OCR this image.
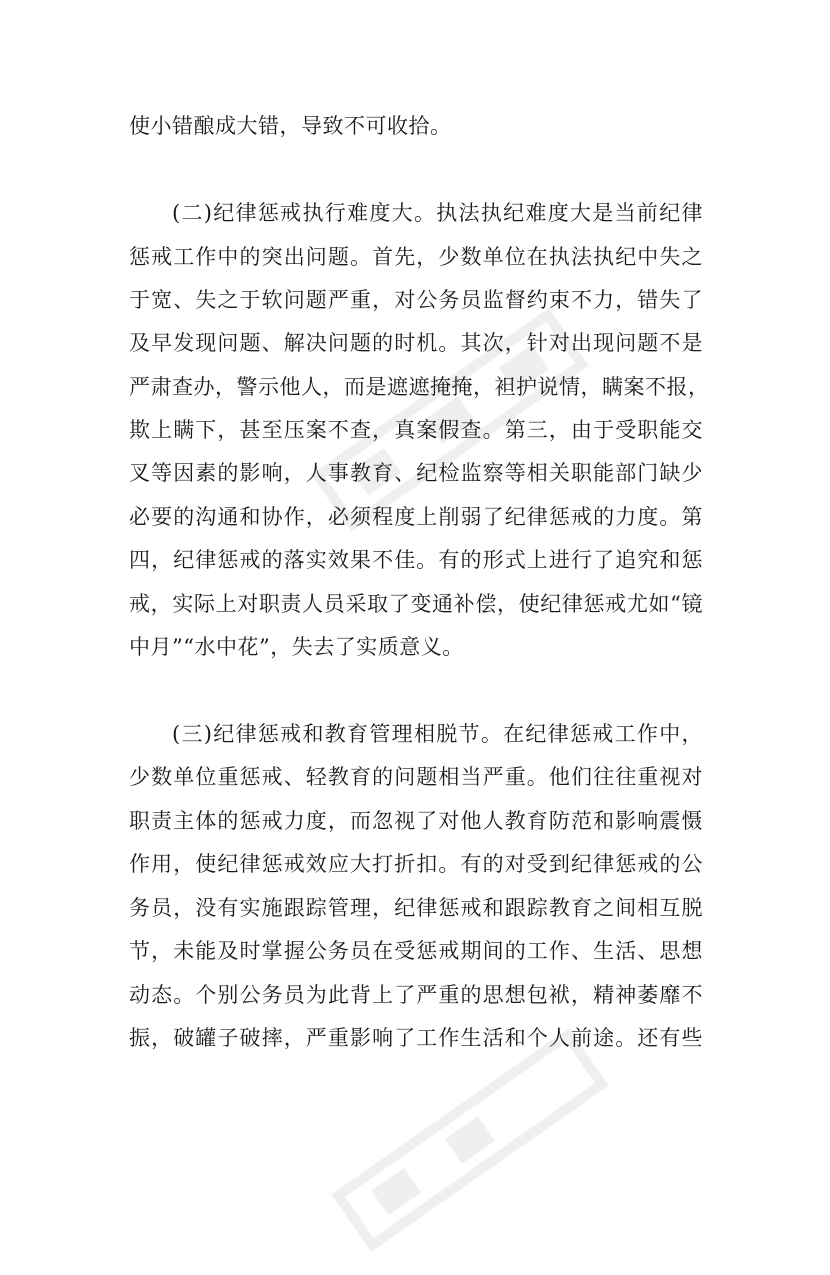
使小错酿成大错，导致不可收拾。
(二)纪律惩戒执行难度大。执法执纪难度大是当前纪律
惩戒工作中的突出问题。首先，少数单位在执法执纪中失之
于宽、失之于软问题严重，对公务员监督约束不力，错失了
及早发现问题、解决问题的时机。其次，针对出现问题不是
严肃查办，警示他人，而是遮遮掩掩，袒护说情，瞒案不报，
欺上瞒下，甚至压案不查，真案假查。第三，由于受职能交
叉等因素的影响，人事教育、纪检监察等相关职能部门缺少
必要的沟通和协作，必须程度上削弱了纪律惩戒的力度。第
四，纪律惩戒的落实效果不佳。有的形式上进行了追究和惩
戒，实际上对职责人员采取了变通补偿，使纪律惩戒尤如“镜
中月”“水中花”，失去了实质意义。
(三)纪律惩戒和教育管理相脱节。在纪律惩戒工作中，
少数单位重惩戒、轻教育的问题相当严重。他们往往重视对
职责主体的惩戒力度，而忽视了对他人教育防范和影响震慑
作用，使纪律惩戒效应大打折扣。有的对受到纪律惩戒的公
务员，没有实施跟踪管理，纪律惩戒和跟踪教育之间相互脱
节，未能及时掌握公务员在受惩戒期间的工作、生活、思想
动态。个别公务员为此背上了严重的思想包袱，精神萎靡不
振，破罐子破摔，严重影响了工作生活和个人前途。还有些
